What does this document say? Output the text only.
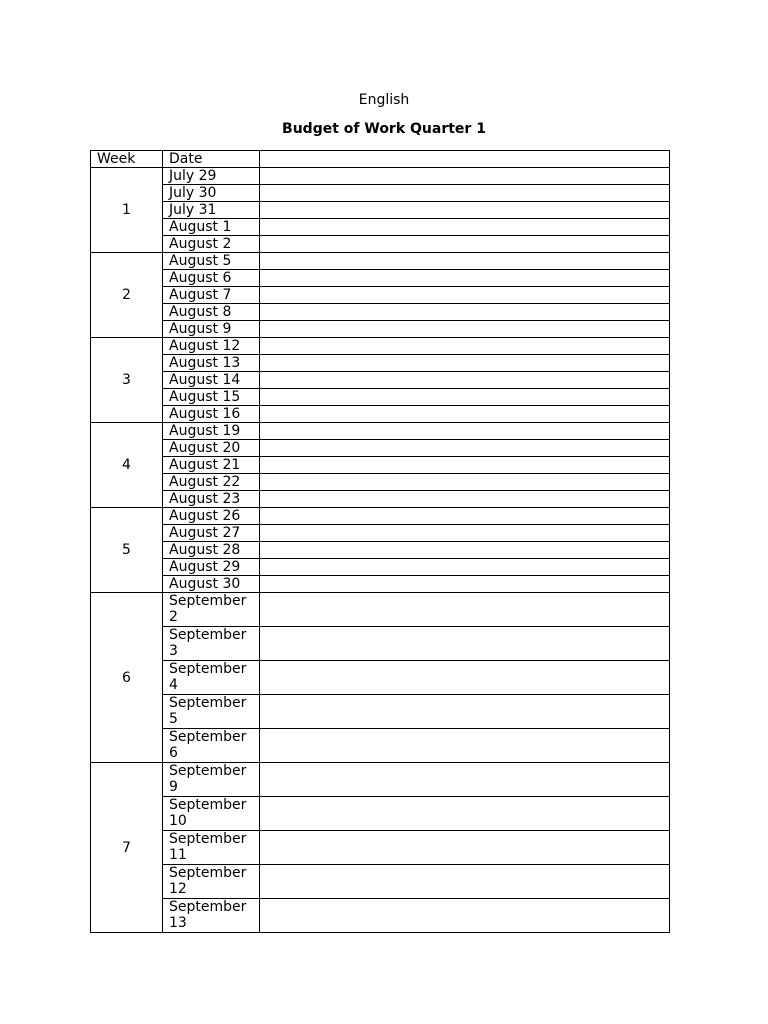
English
Budget of Work Quarter 1
Week	Date	
1	July 29	
	July 30	
	July 31	
	August 1	
	August 2	
2	August 5	
	August 6	
	August 7	
	August 8	
	August 9	
3	August 12	
	August 13	
	August 14	
	August 15	
	August 16	
4	August 19	
	August 20	
	August 21	
	August 22	
	August 23	
5	August 26	
	August 27	
	August 28	
	August 29	
	August 30	
6	September 2	
	September 3	
	September 4	
	September 5	
	September 6	
7	September 9	
	September 10	
	September 11	
	September 12	
	September 13	
